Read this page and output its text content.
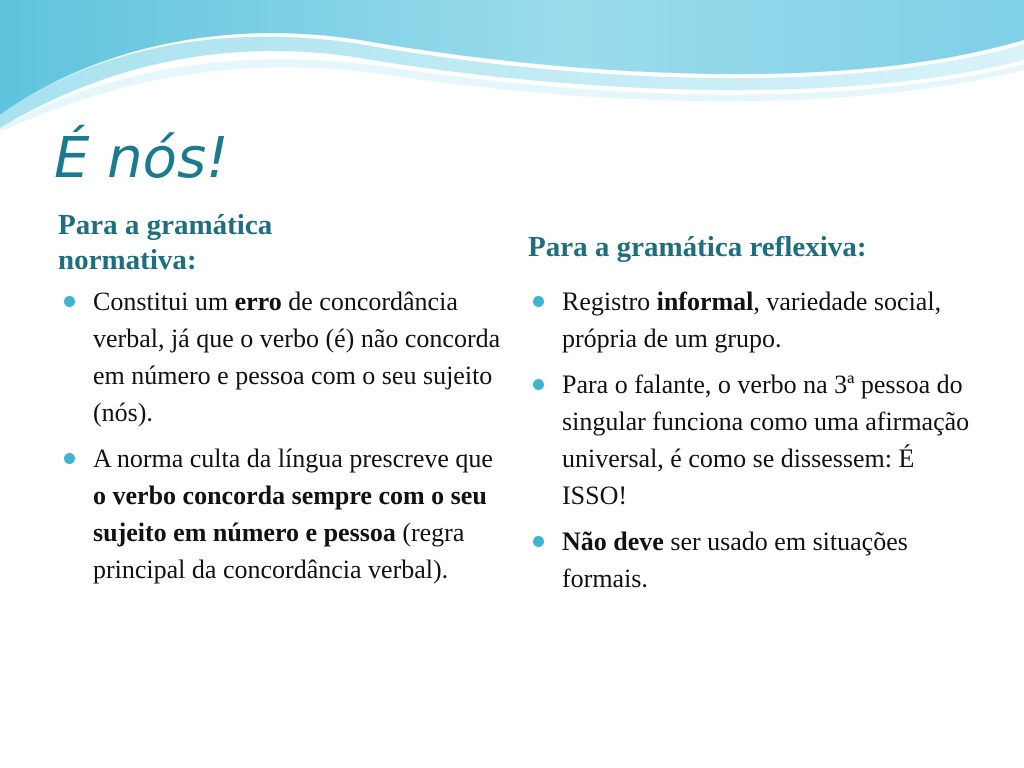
É nós!
Para a gramática normativa:	Para a gramática reflexiva:
Constitui um erro de concordância verbal, já que o verbo (é) não concorda em número e pessoa com o seu sujeito (nós).
A norma culta da língua prescreve que o verbo concorda sempre com o seu sujeito em número e pessoa (regra principal da concordância verbal).
Registro informal, variedade social, própria de um grupo.
Para o falante, o verbo na 3ª pessoa do singular funciona como uma afirmação universal, é como se dissessem: É ISSO!
Não deve ser usado em situações formais.
